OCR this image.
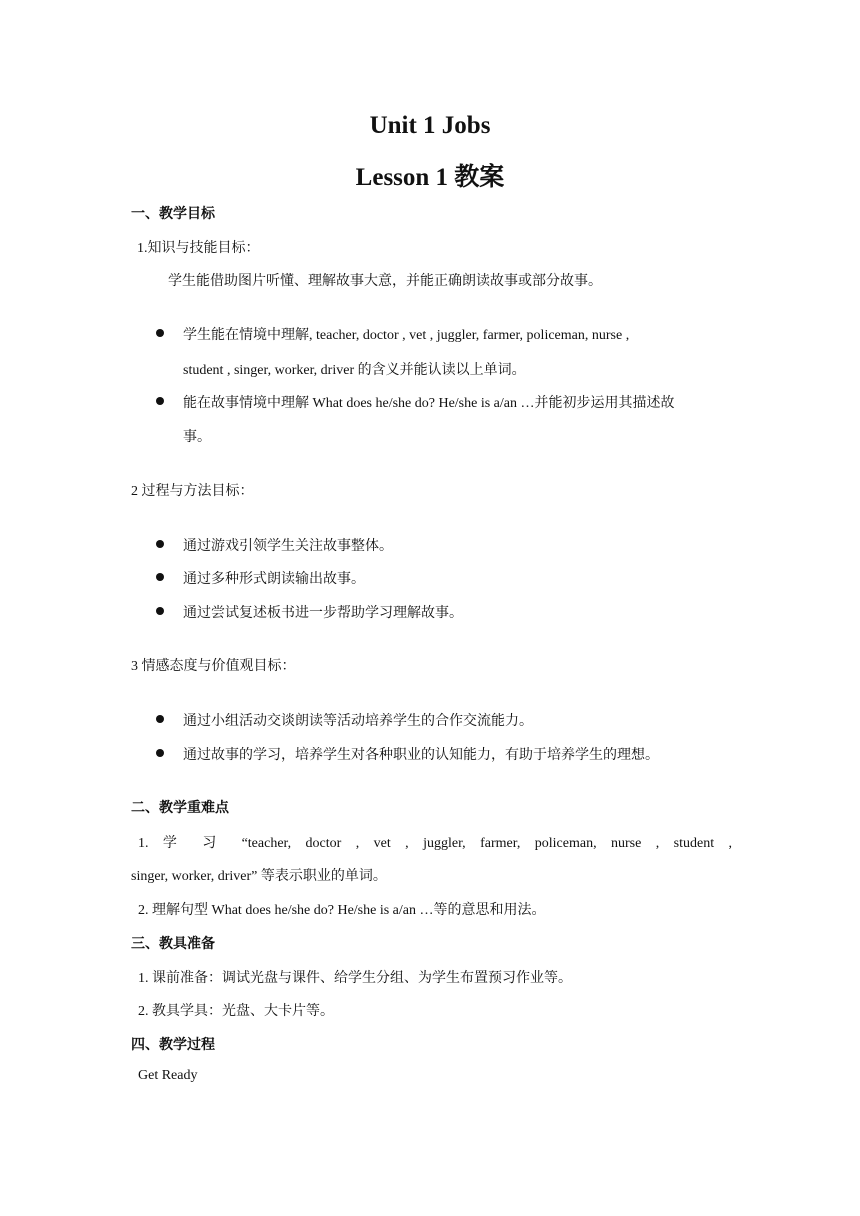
Unit 1 Jobs
Lesson 1 教案
一、教学目标
1.知识与技能目标：
学生能借助图片听懂、理解故事大意，并能正确朗读故事或部分故事。
学生能在情境中理解, teacher, doctor , vet , juggler, farmer, policeman, nurse ,
student , singer, worker, driver 的含义并能认读以上单词。
能在故事情境中理解 What does he/she do? He/she is a/an …并能初步运用其描述故
事。
2 过程与方法目标：
通过游戏引领学生关注故事整体。
通过多种形式朗读输出故事。
通过尝试复述板书进一步帮助学习理解故事。
3 情感态度与价值观目标：
通过小组活动交谈朗读等活动培养学生的合作交流能力。
通过故事的学习，培养学生对各种职业的认知能力，有助于培养学生的理想。
二、教学重难点
1. 学 习 “teacher, doctor , vet , juggler, farmer, policeman, nurse , student ,
singer, worker, driver” 等表示职业的单词。
2. 理解句型 What does he/she do? He/she is a/an …等的意思和用法。
三、教具准备
1. 课前准备：调试光盘与课件、给学生分组、为学生布置预习作业等。
2. 教具学具：光盘、大卡片等。
四、教学过程
Get Ready
